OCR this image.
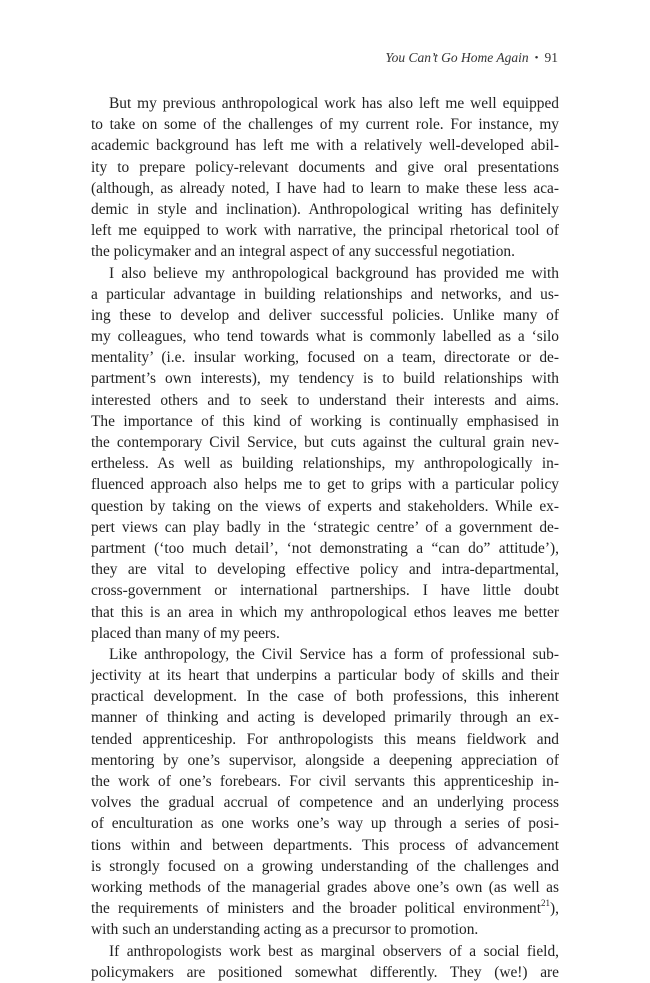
You Can’t Go Home Again • 91
But my previous anthropological work has also left me well equipped
to take on some of the challenges of my current role. For instance, my
academic background has left me with a relatively well-developed abil-
ity to prepare policy-relevant documents and give oral presentations
(although, as already noted, I have had to learn to make these less aca-
demic in style and inclination). Anthropological writing has definitely
left me equipped to work with narrative, the principal rhetorical tool of
the policymaker and an integral aspect of any successful negotiation.
I also believe my anthropological background has provided me with
a particular advantage in building relationships and networks, and us-
ing these to develop and deliver successful policies. Unlike many of
my colleagues, who tend towards what is commonly labelled as a ‘silo
mentality’ (i.e. insular working, focused on a team, directorate or de-
partment’s own interests), my tendency is to build relationships with
interested others and to seek to understand their interests and aims.
The importance of this kind of working is continually emphasised in
the contemporary Civil Service, but cuts against the cultural grain nev-
ertheless. As well as building relationships, my anthropologically in-
fluenced approach also helps me to get to grips with a particular policy
question by taking on the views of experts and stakeholders. While ex-
pert views can play badly in the ‘strategic centre’ of a government de-
partment (‘too much detail’, ‘not demonstrating a “can do” attitude’),
they are vital to developing effective policy and intra-departmental,
cross-government or international partnerships. I have little doubt
that this is an area in which my anthropological ethos leaves me better
placed than many of my peers.
Like anthropology, the Civil Service has a form of professional sub-
jectivity at its heart that underpins a particular body of skills and their
practical development. In the case of both professions, this inherent
manner of thinking and acting is developed primarily through an ex-
tended apprenticeship. For anthropologists this means fieldwork and
mentoring by one’s supervisor, alongside a deepening appreciation of
the work of one’s forebears. For civil servants this apprenticeship in-
volves the gradual accrual of competence and an underlying process
of enculturation as one works one’s way up through a series of posi-
tions within and between departments. This process of advancement
is strongly focused on a growing understanding of the challenges and
working methods of the managerial grades above one’s own (as well as
the requirements of ministers and the broader political environment$^{21}$),
with such an understanding acting as a precursor to promotion.
If anthropologists work best as marginal observers of a social field,
policymakers are positioned somewhat differently. They (we!) are
